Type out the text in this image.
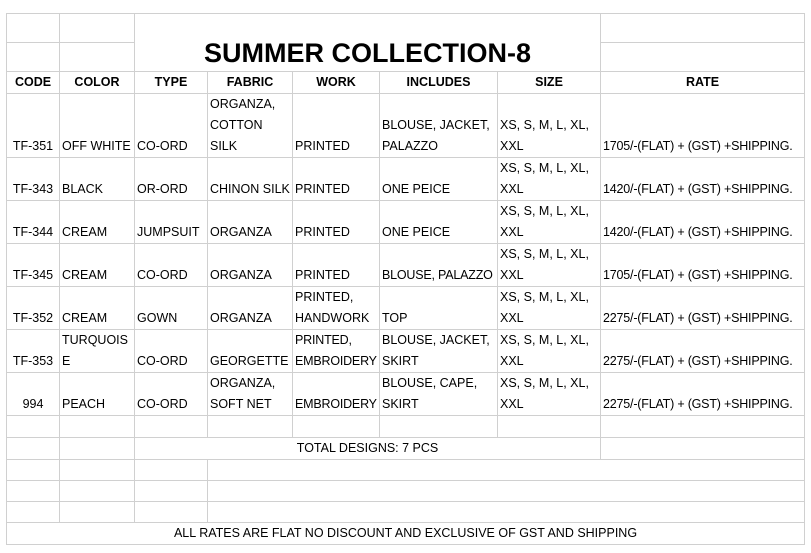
		SUMMER COLLECTION-8					

CODE	COLOR	TYPE	FABRIC	WORK	INCLUDES	SIZE	RATE
TF-351	OFF WHITE	CO-ORD	ORGANZA, COTTON SILK	PRINTED	BLOUSE, JACKET, PALAZZO	XS, S, M, L, XL, XXL	1705/-(FLAT) + (GST) +SHIPPING.
TF-343	BLACK	OR-ORD	CHINON SILK	PRINTED	ONE PEICE	XS, S, M, L, XL, XXL	1420/-(FLAT) + (GST) +SHIPPING.
TF-344	CREAM	JUMPSUIT	ORGANZA	PRINTED	ONE PEICE	XS, S, M, L, XL, XXL	1420/-(FLAT) + (GST) +SHIPPING.
TF-345	CREAM	CO-ORD	ORGANZA	PRINTED	BLOUSE, PALAZZO	XS, S, M, L, XL, XXL	1705/-(FLAT) + (GST) +SHIPPING.
TF-352	CREAM	GOWN	ORGANZA	PRINTED, HANDWORK	TOP	XS, S, M, L, XL, XXL	2275/-(FLAT) + (GST) +SHIPPING.
TF-353	TURQUOIS E	CO-ORD	GEORGETTE	PRINTED, EMBROIDERY	BLOUSE, JACKET, SKIRT	XS, S, M, L, XL, XXL	2275/-(FLAT) + (GST) +SHIPPING.
994	PEACH	CO-ORD	ORGANZA, SOFT NET	EMBROIDERY	BLOUSE, CAPE, SKIRT	XS, S, M, L, XL, XXL	2275/-(FLAT) + (GST) +SHIPPING.

		TOTAL DESIGNS: 7 PCS					

ALL RATES ARE FLAT NO DISCOUNT AND EXCLUSIVE OF GST AND SHIPPING							
